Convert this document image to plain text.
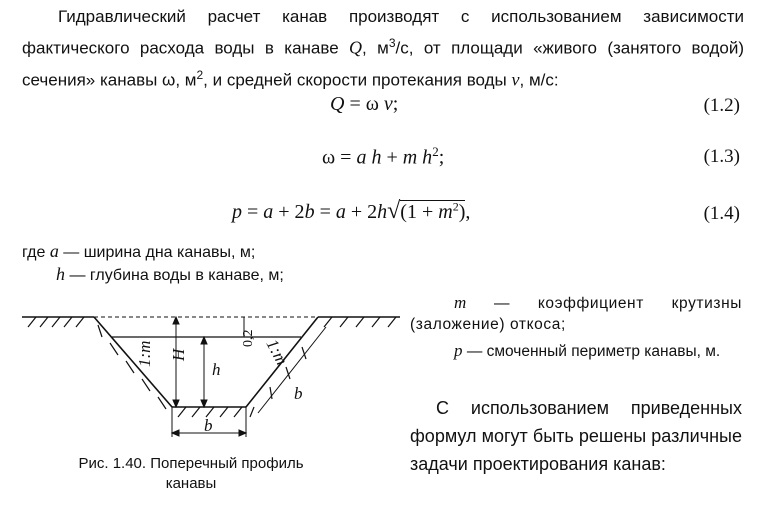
Гидравлический расчет канав производят с использованием зависимости фактического расхода воды в канаве Q, $м^3/с$, от площади «живого (занятого водой) сечения» канавы ω, $м^2$, и средней скорости протекания воды v, м/с:
Q = ω v;	(1.2)
ω = a h + m $h^2$;	(1.3)
$p = a + 2b = a + 2h√(1 + m^2)$,	(1.4)
где a — ширина дна канавы, м;
h — глубина воды в канаве, м;
m — коэффициент крутизны (заложение) откоса;
p — смоченный периметр канавы, м.
С использованием приведенных формул могут быть решены различные задачи проектирования канав:
1:m H
h
0,2 1:m
b
b
Рис. 1.40. Поперечный профиль
канавы
